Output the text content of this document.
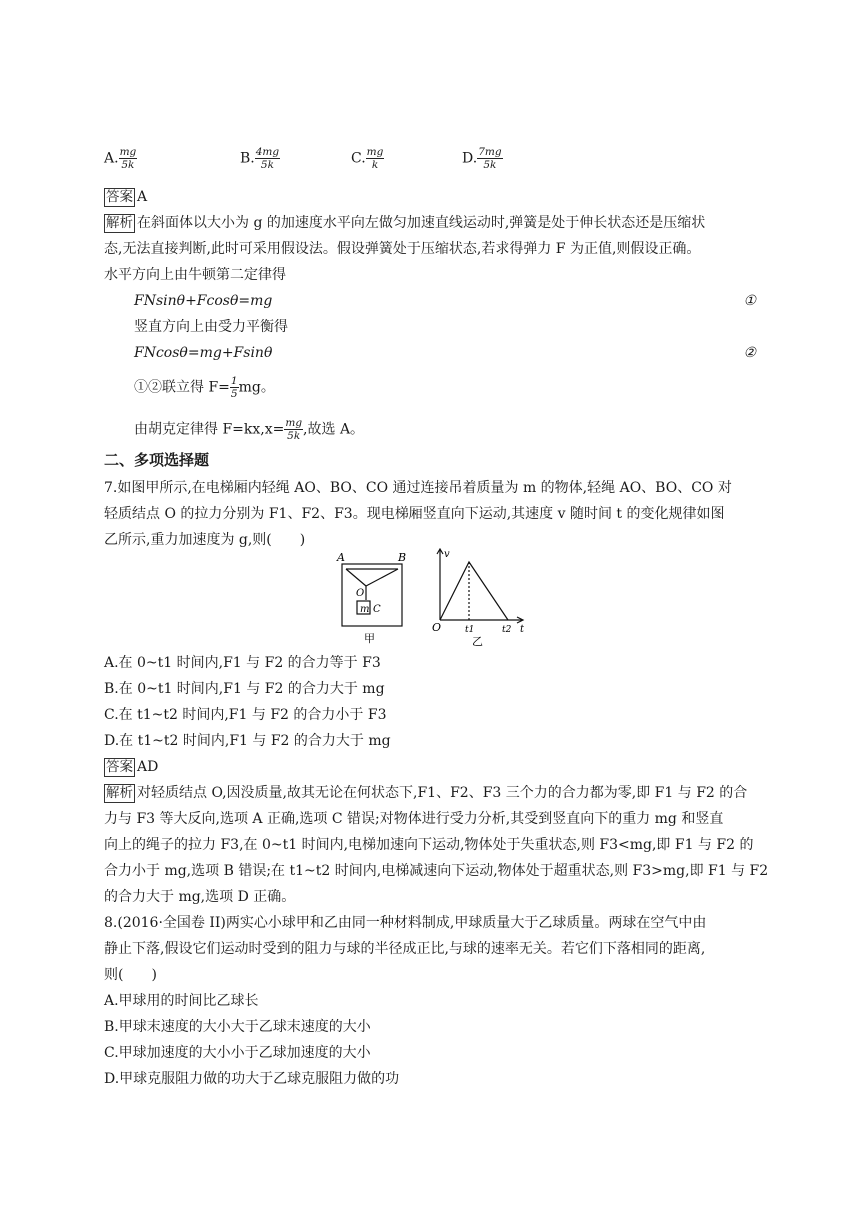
A. $\frac{mg}{5k}$	B. $\frac{4mg}{5k}$	C. $\frac{mg}{k}$	D. $\frac{7mg}{5k}$
答案 A
解析 在斜面体以大小为 g 的加速度水平向左做匀加速直线运动时,弹簧是处于伸长状态还是压缩状
态,无法直接判断,此时可采用假设法。假设弹簧处于压缩状态,若求得弹力 F 为正值,则假设正确。
水平方向上由牛顿第二定律得
FNsinθ+Fcosθ=mg	①
竖直方向上由受力平衡得
FNcosθ=mg+Fsinθ	②
①②联立得 $F= \frac{1}{5}$ mg。
由胡克定律得 $F=kx,x= \frac{mg}{5k}$ ,故选 A。
二、多项选择题
7.如图甲所示,在电梯厢内轻绳 AO、BO、CO 通过连接吊着质量为 m 的物体,轻绳 AO、BO、CO 对
轻质结点 O 的拉力分别为 F1、F2、F3。现电梯厢竖直向下运动,其速度 v 随时间 t 的变化规律如图
乙所示,重力加速度为 g,则(　　)
A	B
O
m C
甲
v
O	t1	t2 t
乙
A.在 0~t1 时间内,F1 与 F2 的合力等于 F3
B.在 0~t1 时间内,F1 与 F2 的合力大于 mg
C.在 t1~t2 时间内,F1 与 F2 的合力小于 F3
D.在 t1~t2 时间内,F1 与 F2 的合力大于 mg
答案 AD
解析 对轻质结点 O,因没质量,故其无论在何状态下,F1、F2、F3 三个力的合力都为零,即 F1 与 F2 的合
力与 F3 等大反向,选项 A 正确,选项 C 错误;对物体进行受力分析,其受到竖直向下的重力 mg 和竖直
向上的绳子的拉力 F3,在 0~t1 时间内,电梯加速向下运动,物体处于失重状态,则 F3<mg,即 F1 与 F2 的
合力小于 mg,选项 B 错误;在 t1~t2 时间内,电梯减速向下运动,物体处于超重状态,则 F3>mg,即 F1 与 F2
的合力大于 mg,选项 D 正确。
8.(2016·全国卷 II)两实心小球甲和乙由同一种材料制成,甲球质量大于乙球质量。两球在空气中由
静止下落,假设它们运动时受到的阻力与球的半径成正比,与球的速率无关。若它们下落相同的距离,
则(　　)
A.甲球用的时间比乙球长
B.甲球末速度的大小大于乙球末速度的大小
C.甲球加速度的大小小于乙球加速度的大小
D.甲球克服阻力做的功大于乙球克服阻力做的功
